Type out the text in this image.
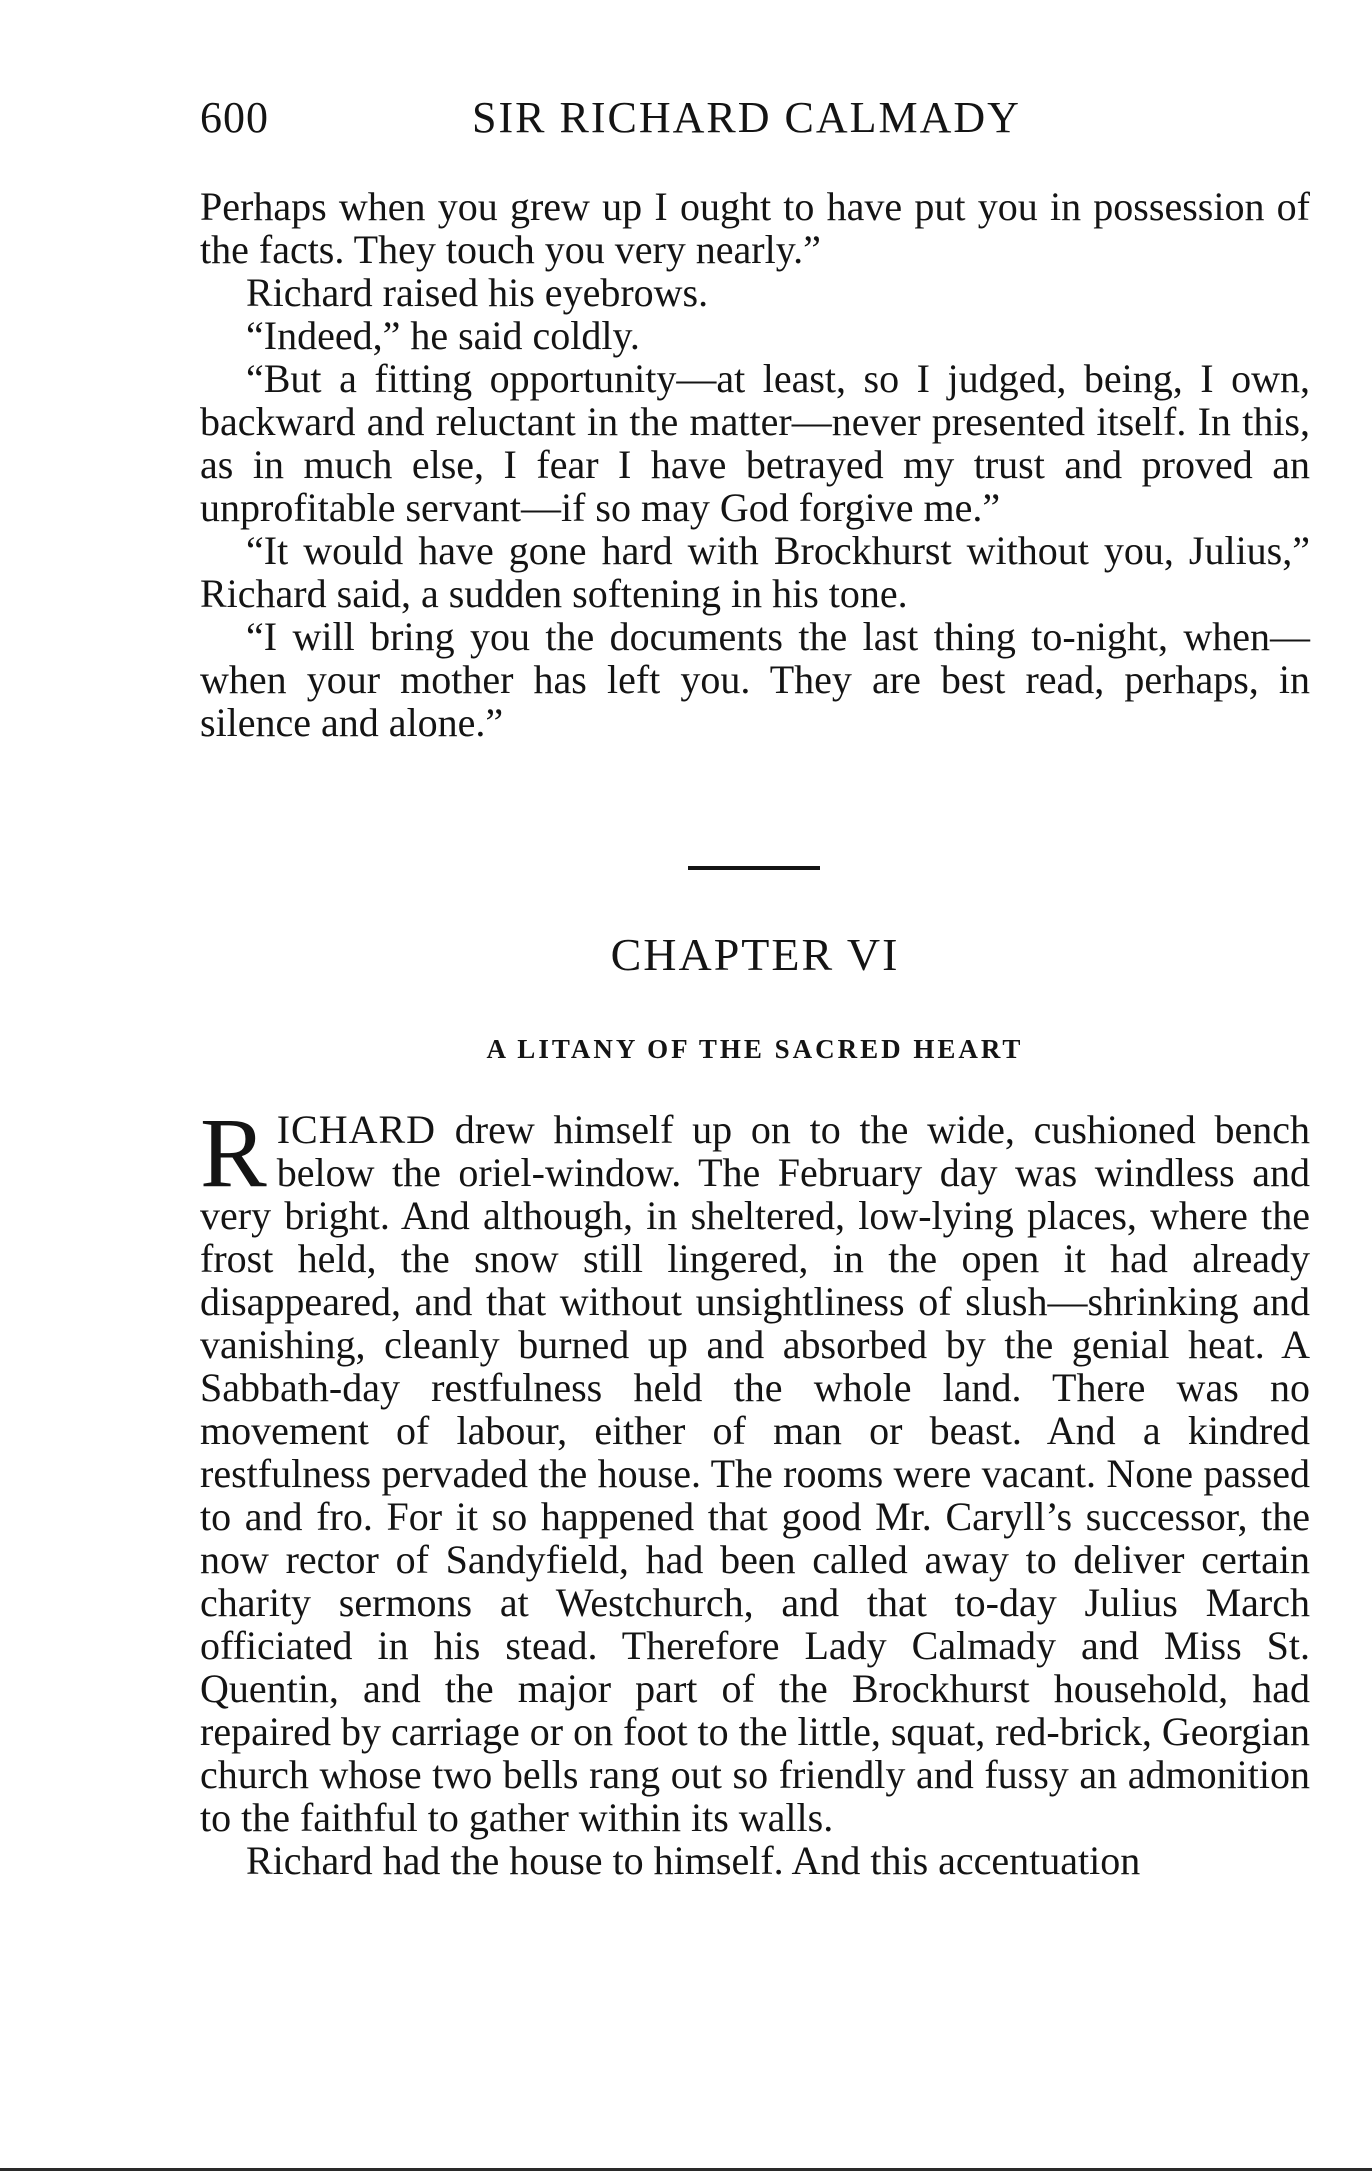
600	SIR RICHARD CALMADY

Perhaps when you grew up I ought to have put you in possession of the facts. They touch you very nearly.”

Richard raised his eyebrows.

“Indeed,” he said coldly.

“But a fitting opportunity—at least, so I judged, being, I own, backward and reluctant in the matter—never presented itself. In this, as in much else, I fear I have betrayed my trust and proved an unprofitable servant—if so may God forgive me.”

“It would have gone hard with Brockhurst without you, Julius,” Richard said, a sudden softening in his tone.

“I will bring you the documents the last thing to-night, when—when your mother has left you. They are best read, perhaps, in silence and alone.”

CHAPTER VI
A LITANY OF THE SACRED HEART

RICHARD drew himself up on to the wide, cushioned bench below the oriel-window. The February day was windless and very bright. And although, in sheltered, low-lying places, where the frost held, the snow still lingered, in the open it had already disappeared, and that without unsightliness of slush—shrinking and vanishing, cleanly burned up and absorbed by the genial heat. A Sabbath-day restfulness held the whole land. There was no movement of labour, either of man or beast. And a kindred restfulness pervaded the house. The rooms were vacant. None passed to and fro. For it so happened that good Mr. Caryll’s successor, the now rector of Sandyfield, had been called away to deliver certain charity sermons at Westchurch, and that to-day Julius March officiated in his stead. Therefore Lady Calmady and Miss St. Quentin, and the major part of the Brockhurst household, had repaired by carriage or on foot to the little, squat, red-brick, Georgian church whose two bells rang out so friendly and fussy an admonition to the faithful to gather within its walls.

Richard had the house to himself. And this accentuation
